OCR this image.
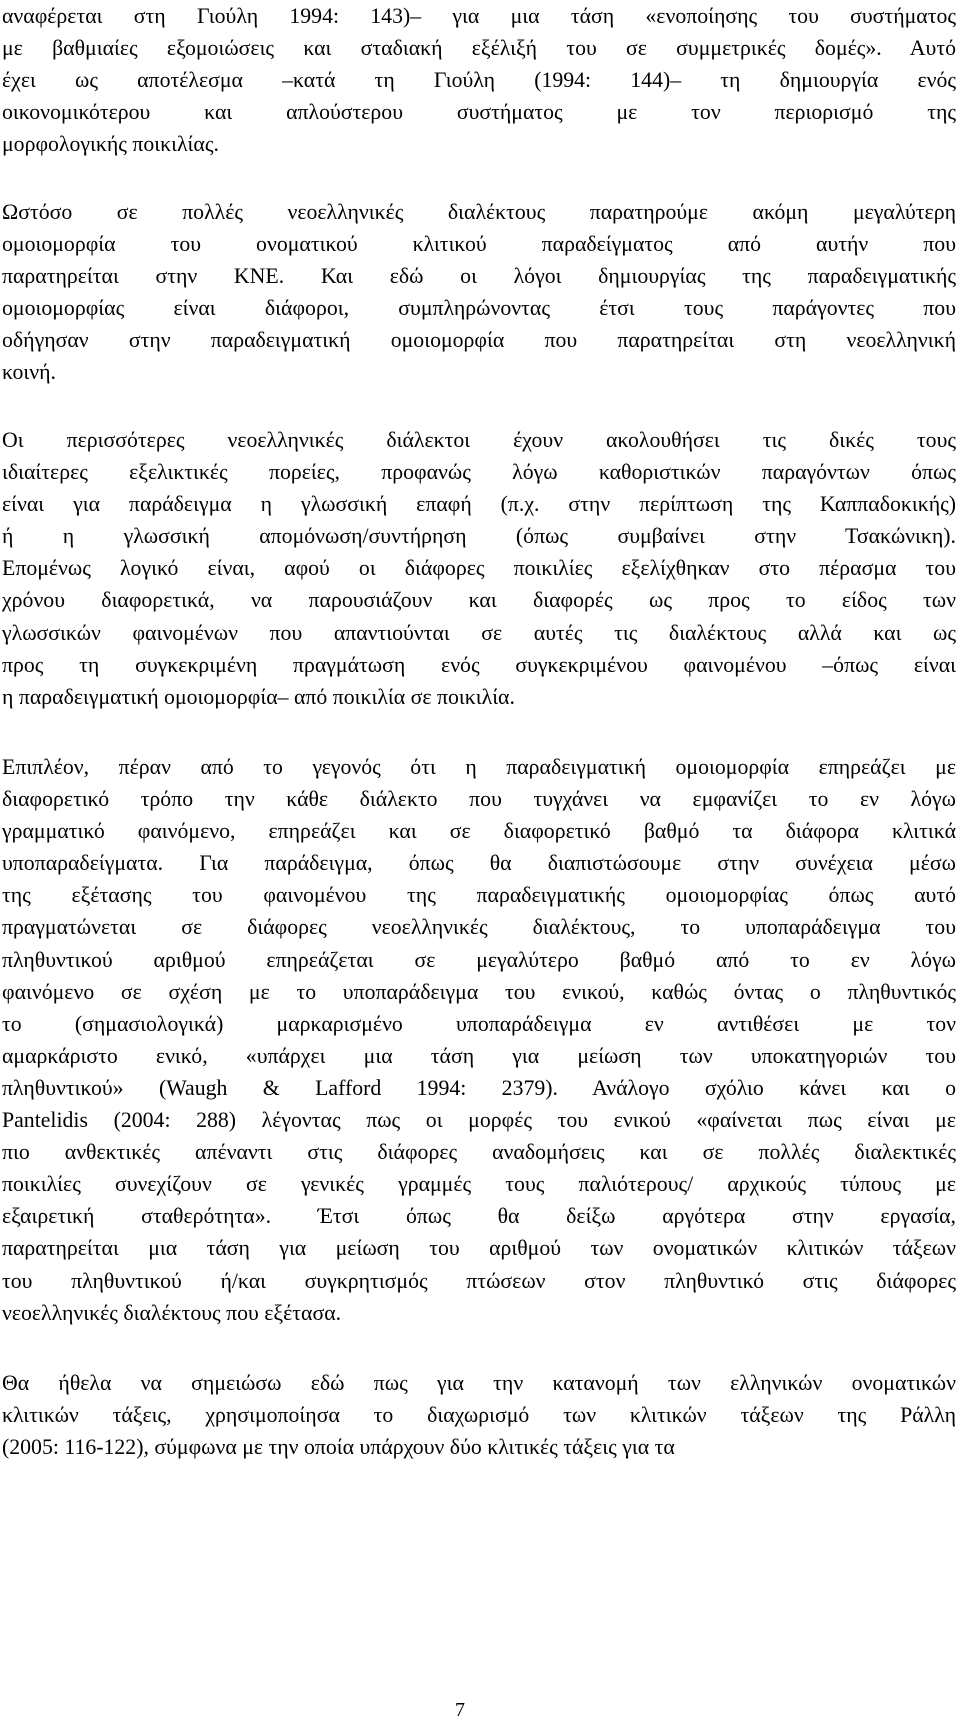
αναφέρεται στη Γιούλη 1994: 143)– για μια τάση «ενοποίησης του συστήματος
με βαθμιαίες εξομοιώσεις και σταδιακή εξέλιξή του σε συμμετρικές δομές». Αυτό
έχει ως αποτέλεσμα –κατά τη Γιούλη (1994: 144)– τη δημιουργία ενός
οικονομικότερου και απλούστερου συστήματος με τον περιορισμό της
μορφολογικής ποικιλίας.
Ωστόσο σε πολλές νεοελληνικές διαλέκτους παρατηρούμε ακόμη μεγαλύτερη
ομοιομορφία του ονοματικού κλιτικού παραδείγματος από αυτήν που
παρατηρείται στην ΚΝΕ. Και εδώ οι λόγοι δημιουργίας της παραδειγματικής
ομοιομορφίας είναι διάφοροι, συμπληρώνοντας έτσι τους παράγοντες που
οδήγησαν στην παραδειγματική ομοιομορφία που παρατηρείται στη νεοελληνική
κοινή.
Οι περισσότερες νεοελληνικές διάλεκτοι έχουν ακολουθήσει τις δικές τους
ιδιαίτερες εξελικτικές πορείες, προφανώς λόγω καθοριστικών παραγόντων όπως
είναι για παράδειγμα η γλωσσική επαφή (π.χ. στην περίπτωση της Καππαδοκικής)
ή η γλωσσική απομόνωση/συντήρηση (όπως συμβαίνει στην Τσακώνικη).
Επομένως λογικό είναι, αφού οι διάφορες ποικιλίες εξελίχθηκαν στο πέρασμα του
χρόνου διαφορετικά, να παρουσιάζουν και διαφορές ως προς το είδος των
γλωσσικών φαινομένων που απαντιούνται σε αυτές τις διαλέκτους αλλά και ως
προς τη συγκεκριμένη πραγμάτωση ενός συγκεκριμένου φαινομένου –όπως είναι
η παραδειγματική ομοιομορφία– από ποικιλία σε ποικιλία.
Επιπλέον, πέραν από το γεγονός ότι η παραδειγματική ομοιομορφία επηρεάζει με
διαφορετικό τρόπο την κάθε διάλεκτο που τυγχάνει να εμφανίζει το εν λόγω
γραμματικό φαινόμενο, επηρεάζει και σε διαφορετικό βαθμό τα διάφορα κλιτικά
υποπαραδείγματα. Για παράδειγμα, όπως θα διαπιστώσουμε στην συνέχεια μέσω
της εξέτασης του φαινομένου της παραδειγματικής ομοιομορφίας όπως αυτό
πραγματώνεται σε διάφορες νεοελληνικές διαλέκτους, το υποπαράδειγμα του
πληθυντικού αριθμού επηρεάζεται σε μεγαλύτερο βαθμό από το εν λόγω
φαινόμενο σε σχέση με το υποπαράδειγμα του ενικού, καθώς όντας ο πληθυντικός
το (σημασιολογικά) μαρκαρισμένο υποπαράδειγμα εν αντιθέσει με τον
αμαρκάριστο ενικό, «υπάρχει μια τάση για μείωση των υποκατηγοριών του
πληθυντικού» (Waugh & Lafford 1994: 2379). Ανάλογο σχόλιο κάνει και ο
Pantelidis (2004: 288) λέγοντας πως οι μορφές του ενικού «φαίνεται πως είναι με
πιο ανθεκτικές απέναντι στις διάφορες αναδομήσεις και σε πολλές διαλεκτικές
ποικιλίες συνεχίζουν σε γενικές γραμμές τους παλιότερους/ αρχικούς τύπους με
εξαιρετική σταθερότητα». Έτσι όπως θα δείξω αργότερα στην εργασία,
παρατηρείται μια τάση για μείωση του αριθμού των ονοματικών κλιτικών τάξεων
του πληθυντικού ή/και συγκρητισμός πτώσεων στον πληθυντικό στις διάφορες
νεοελληνικές διαλέκτους που εξέτασα.
Θα ήθελα να σημειώσω εδώ πως για την κατανομή των ελληνικών ονοματικών
κλιτικών τάξεις, χρησιμοποίησα το διαχωρισμό των κλιτικών τάξεων της Ράλλη
(2005: 116-122), σύμφωνα με την οποία υπάρχουν δύο κλιτικές τάξεις για τα
7
